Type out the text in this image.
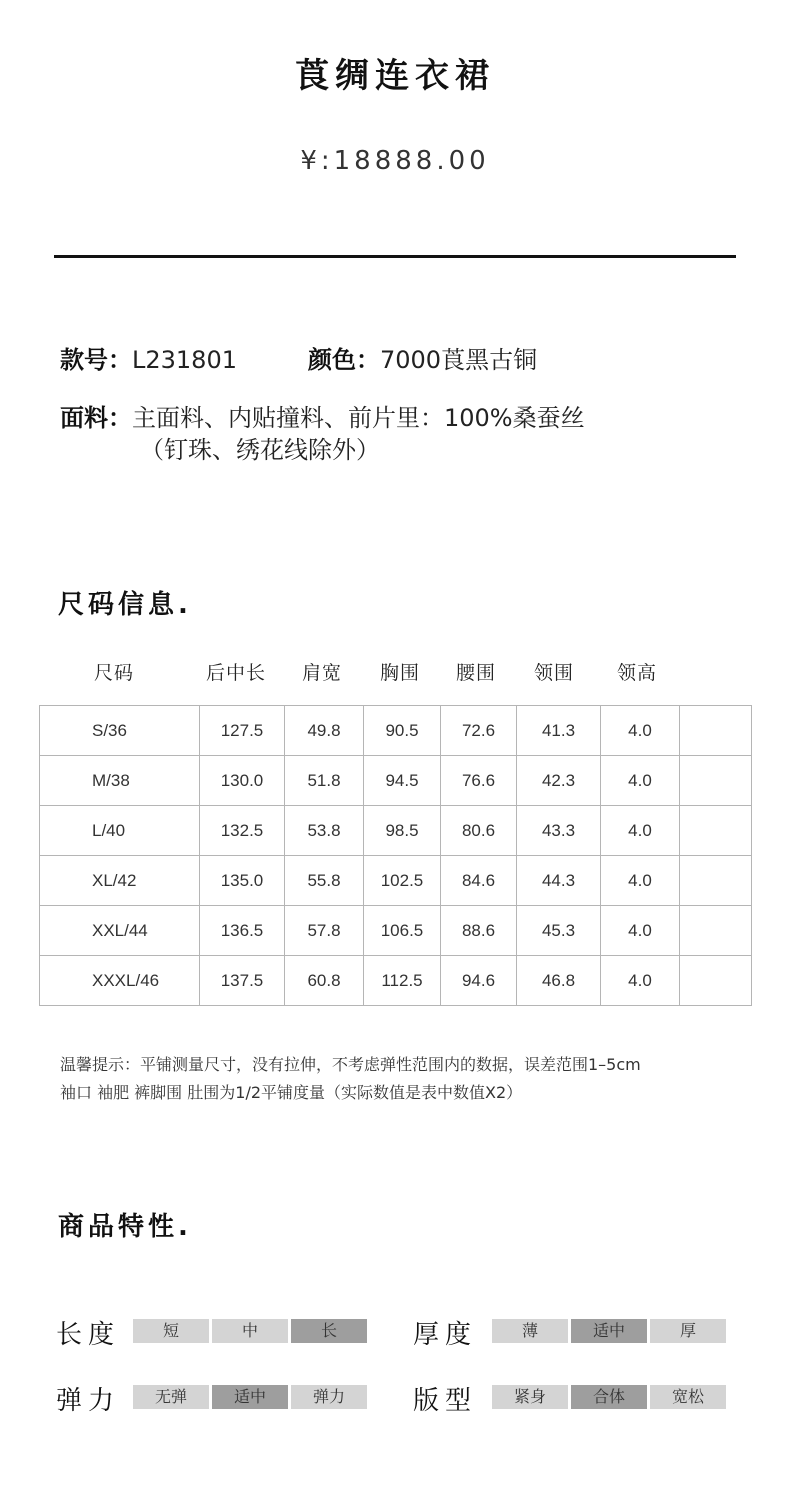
莨绸连衣裙
¥:18888.00
款号：L231801	颜色：7000莨黑古铜
面料：主面料、内贴撞料、前片里：100%桑蚕丝
（钉珠、绣花线除外）
尺码信息.
尺码	后中长 肩宽 胸围 腰围 领围 领高
S/36	127.5	49.8	90.5	72.6	41.3	4.0	
M/38	130.0	51.8	94.5	76.6	42.3	4.0	
L/40	132.5	53.8	98.5	80.6	43.3	4.0	
XL/42	135.0	55.8	102.5	84.6	44.3	4.0	
XXL/44	136.5	57.8	106.5	88.6	45.3	4.0	
XXXL/46	137.5	60.8	112.5	94.6	46.8	4.0	
温馨提示：平铺测量尺寸，没有拉伸，不考虑弹性范围内的数据，误差范围1–5cm
袖口 袖肥 裤脚围 肚围为1/2平铺度量（实际数值是表中数值X2）
商品特性.
长度	短	中	长	厚度	薄	适中	厚
弹力	无弹	适中	弹力	版型	紧身	合体	宽松
